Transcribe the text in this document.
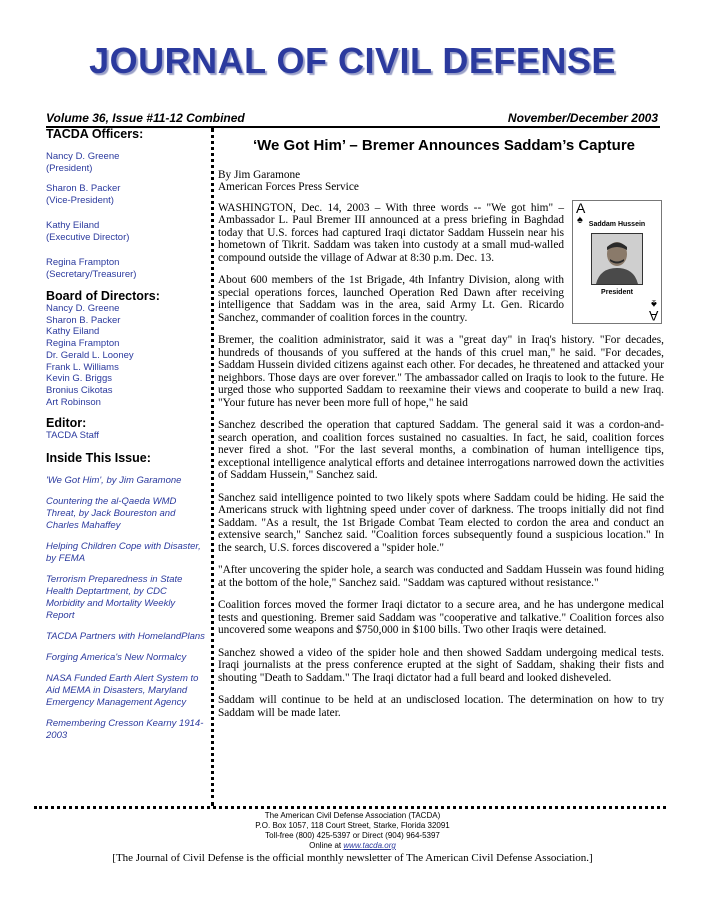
JOURNAL OF CIVIL DEFENSE
Volume 36, Issue #11-12 Combined	November/December 2003
TACDA Officers:
Nancy D. Greene
(President)
Sharon B. Packer
(Vice-President)
Kathy Eiland
(Executive Director)
Regina Frampton
(Secretary/Treasurer)
Board of Directors:
Nancy D. Greene
Sharon B. Packer
Kathy Eiland
Regina Frampton
Dr. Gerald L. Looney
Frank L. Williams
Kevin G. Briggs
Bronius Cikotas
Art Robinson
Editor:
TACDA Staff
Inside This Issue:
'We Got Him', by Jim Garamone
Countering the al-Qaeda WMD Threat, by Jack Boureston and Charles Mahaffey
Helping Children Cope with Disaster, by FEMA
Terrorism Preparedness in State Health Deptartment, by CDC Morbidity and Mortality Weekly Report
TACDA Partners with HomelandPlans
Forging America's New Normalcy
NASA Funded Earth Alert System to Aid MEMA in Disasters, Maryland Emergency Management Agency
Remembering Cresson Kearny 1914-2003
‘We Got Him’ – Bremer Announces Saddam’s Capture
By Jim Garamone
American Forces Press Service
A
♠ Saddam Hussein
President
A
♠

WASHINGTON, Dec. 14, 2003 – With three words -- "We got him" – Ambassador L. Paul Bremer III announced at a press briefing in Baghdad today that U.S. forces had captured Iraqi dictator Saddam Hussein near his hometown of Tikrit. Saddam was taken into custody at a small mud-walled compound outside the village of Adwar at 8:30 p.m. Dec. 13.

About 600 members of the 1st Brigade, 4th Infantry Division, along with special operations forces, launched Operation Red Dawn after receiving intelligence that Saddam was in the area, said Army Lt. Gen. Ricardo Sanchez, commander of coalition forces in the country.

Bremer, the coalition administrator, said it was a "great day" in Iraq's history. "For decades, hundreds of thousands of you suffered at the hands of this cruel man," he said. "For decades, Saddam Hussein divided citizens against each other. For decades, he threatened and attacked your neighbors. Those days are over forever." The ambassador called on Iraqis to look to the future. He urged those who supported Saddam to reexamine their views and cooperate to build a new Iraq. "Your future has never been more full of hope," he said

Sanchez described the operation that captured Saddam. The general said it was a cordon-and-search operation, and coalition forces sustained no casualties. In fact, he said, coalition forces never fired a shot. "For the last several months, a combination of human intelligence tips, exceptional intelligence analytical efforts and detainee interrogations narrowed down the activities of Saddam Hussein," Sanchez said.

Sanchez said intelligence pointed to two likely spots where Saddam could be hiding. He said the Americans struck with lightning speed under cover of darkness. The troops initially did not find Saddam. "As a result, the 1st Brigade Combat Team elected to cordon the area and conduct an extensive search," Sanchez said. "Coalition forces subsequently found a suspicious location." In the search, U.S. forces discovered a "spider hole."

"After uncovering the spider hole, a search was conducted and Saddam Hussein was found hiding at the bottom of the hole," Sanchez said. "Saddam was captured without resistance."

Coalition forces moved the former Iraqi dictator to a secure area, and he has undergone medical tests and questioning. Bremer said Saddam was "cooperative and talkative." Coalition forces also uncovered some weapons and $750,000 in $100 bills. Two other Iraqis were detained.

Sanchez showed a video of the spider hole and then showed Saddam undergoing medical tests. Iraqi journalists at the press conference erupted at the sight of Saddam, shaking their fists and shouting "Death to Saddam." The Iraqi dictator had a full beard and looked disheveled.

Saddam will continue to be held at an undisclosed location. The determination on how to try Saddam will be made later.

The American Civil Defense Association (TACDA)
P.O. Box 1057, 118 Court Street, Starke, Florida 32091
Toll-free (800) 425-5397 or Direct (904) 964-5397
Online at www.tacda.org
[The Journal of Civil Defense is the official monthly newsletter of The American Civil Defense Association.]
